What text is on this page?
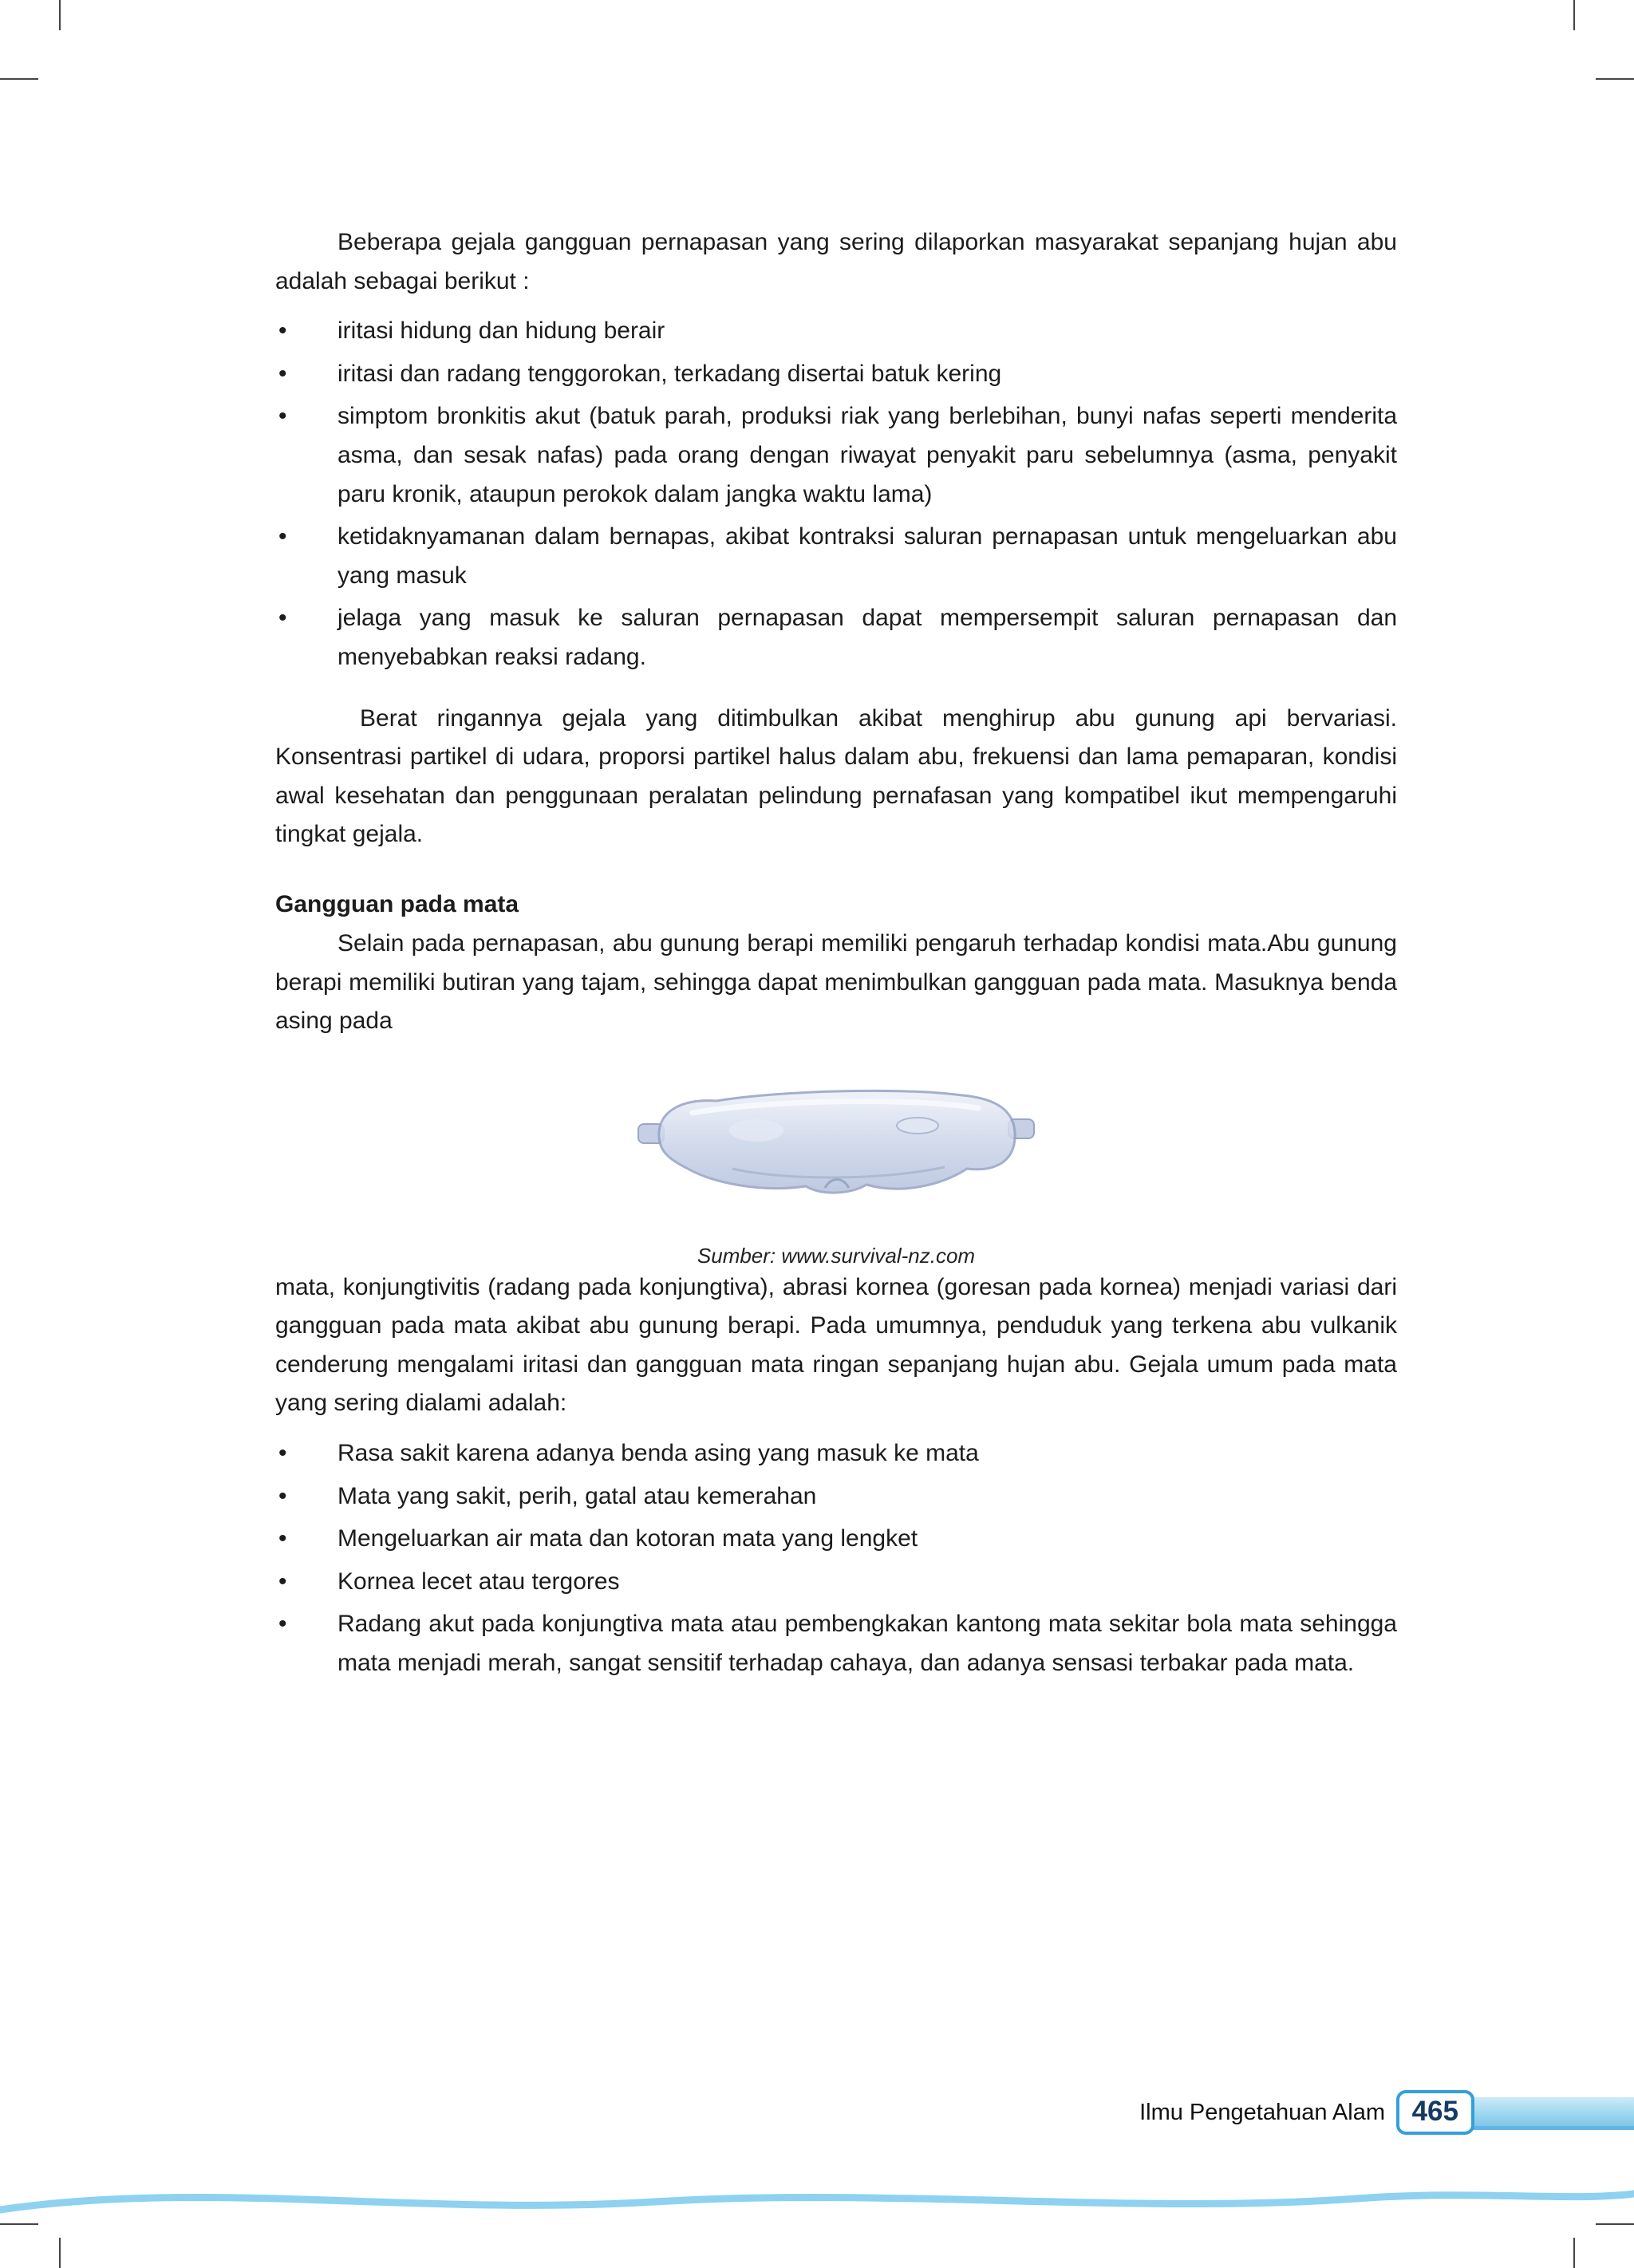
Beberapa gejala gangguan pernapasan yang sering dilaporkan masyarakat sepanjang hujan abu adalah sebagai berikut :

• iritasi hidung dan hidung berair
• iritasi dan radang tenggorokan, terkadang disertai batuk kering
• simptom bronkitis akut (batuk parah, produksi riak yang berlebihan, bunyi nafas seperti menderita asma, dan sesak nafas) pada orang dengan riwayat penyakit paru sebelumnya (asma, penyakit paru kronik, ataupun perokok dalam jangka waktu lama)
• ketidaknyamanan dalam bernapas, akibat kontraksi saluran pernapasan untuk mengeluarkan abu yang masuk
• jelaga yang masuk ke saluran pernapasan dapat mempersempit saluran pernapasan dan menyebabkan reaksi radang.

Berat ringannya gejala yang ditimbulkan akibat menghirup abu gunung api bervariasi. Konsentrasi partikel di udara, proporsi partikel halus dalam abu, frekuensi dan lama pemaparan, kondisi awal kesehatan dan penggunaan peralatan pelindung pernafasan yang kompatibel ikut mempengaruhi tingkat gejala.

Gangguan pada mata

Selain pada pernapasan, abu gunung berapi memiliki pengaruh terhadap kondisi mata.Abu gunung berapi memiliki butiran yang tajam, sehingga dapat menimbulkan gangguan pada mata. Masuknya benda asing pada

Sumber: www.survival-nz.com

mata, konjungtivitis (radang pada konjungtiva), abrasi kornea (goresan pada kornea) menjadi variasi dari gangguan pada mata akibat abu gunung berapi. Pada umumnya, penduduk yang terkena abu vulkanik cenderung mengalami iritasi dan gangguan mata ringan sepanjang hujan abu. Gejala umum pada mata yang sering dialami adalah:

• Rasa sakit karena adanya benda asing yang masuk ke mata
• Mata yang sakit, perih, gatal atau kemerahan
• Mengeluarkan air mata dan kotoran mata yang lengket
• Kornea lecet atau tergores
• Radang akut pada konjungtiva mata atau pembengkakan kantong mata sekitar bola mata sehingga mata menjadi merah, sangat sensitif terhadap cahaya, dan adanya sensasi terbakar pada mata.
Ilmu Pengetahuan Alam 465
